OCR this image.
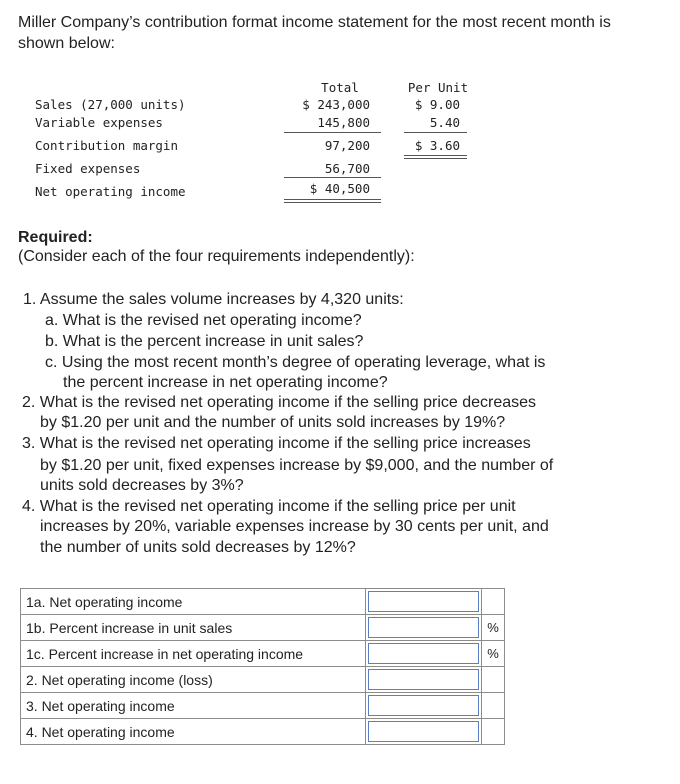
Miller Company’s contribution format income statement for the most recent month is shown below:
Total	Per Unit
Sales (27,000 units)	$ 243,000	$ 9.00
Variable expenses	145,800	5.40
Contribution margin	97,200	$ 3.60
Fixed expenses	56,700
Net operating income	$ 40,500
Required:
(Consider each of the four requirements independently):
1. Assume the sales volume increases by 4,320 units:
a. What is the revised net operating income?
b. What is the percent increase in unit sales?
c. Using the most recent month’s degree of operating leverage, what is
the percent increase in net operating income?
2. What is the revised net operating income if the selling price decreases
by $1.20 per unit and the number of units sold increases by 19%?
3. What is the revised net operating income if the selling price increases
by $1.20 per unit, fixed expenses increase by $9,000, and the number of
units sold decreases by 3%?
4. What is the revised net operating income if the selling price per unit
increases by 20%, variable expenses increase by 30 cents per unit, and
the number of units sold decreases by 12%?
1a. Net operating income	

1b. Percent increase in unit sales		%
1c. Percent increase in net operating income		%
2. Net operating income (loss)	

3. Net operating income	

4. Net operating income	
